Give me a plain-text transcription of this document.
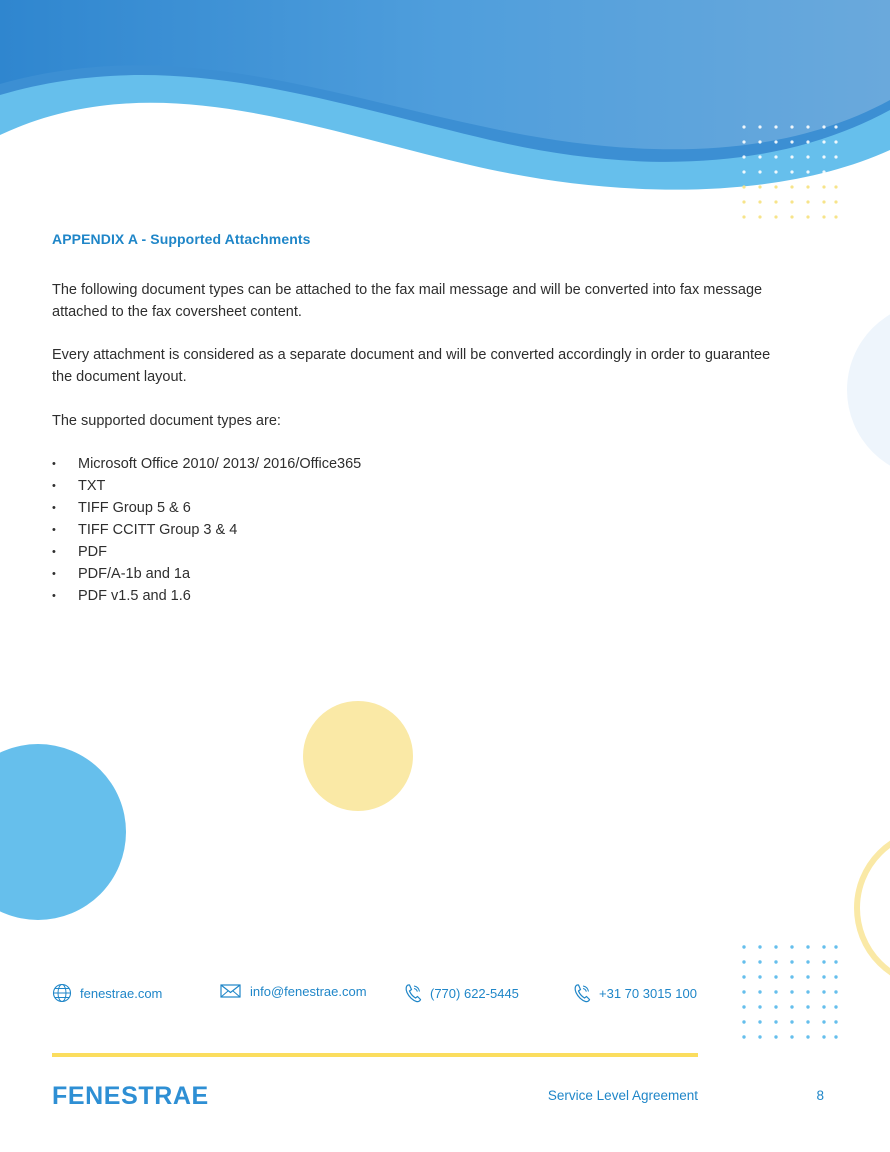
APPENDIX A - Supported Attachments

The following document types can be attached to the fax mail message and will be converted into fax message attached to the fax coversheet content.

Every attachment is considered as a separate document and will be converted accordingly in order to guarantee the document layout.

The supported document types are:

• Microsoft Office 2010/ 2013/ 2016/Office365
• TXT
• TIFF Group 5 & 6
• TIFF CCITT Group 3 & 4
• PDF
• PDF/A-1b and 1a
• PDF v1.5 and 1.6
fenestrae.com	info@fenestrae.com	(770) 622-5445	+31 70 3015 100
FENESTRAE	Service Level Agreement	8
